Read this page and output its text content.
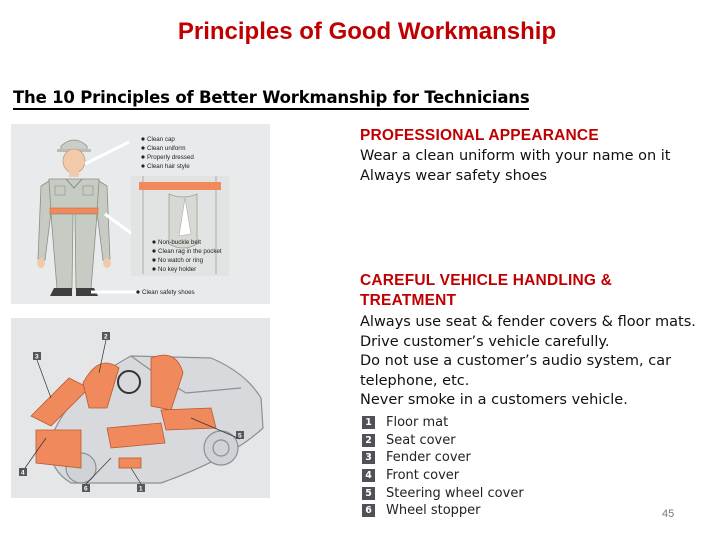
Principles of Good Workmanship
The 10 Principles of Better Workmanship for Technicians
Clean cap
Clean uniform
Properly dressed
Clean hair style
Non-buckle belt
Clean rag in the pocket
No watch or ring
No key holder
Clean safety shoes
2
3
5
4
6	1
PROFESSIONAL APPEARANCE
Wear a clean uniform with your name on it
Always wear safety shoes
CAREFUL VEHICLE HANDLING &
TREATMENT
Always use seat & fender covers & floor mats.
Drive customer’s vehicle carefully.
Do not use a customer’s audio system, car
telephone, etc.
Never smoke in a customers vehicle.
1 Floor mat
2 Seat cover
3 Fender cover
4 Front cover
5 Steering wheel cover
6 Wheel stopper	45
